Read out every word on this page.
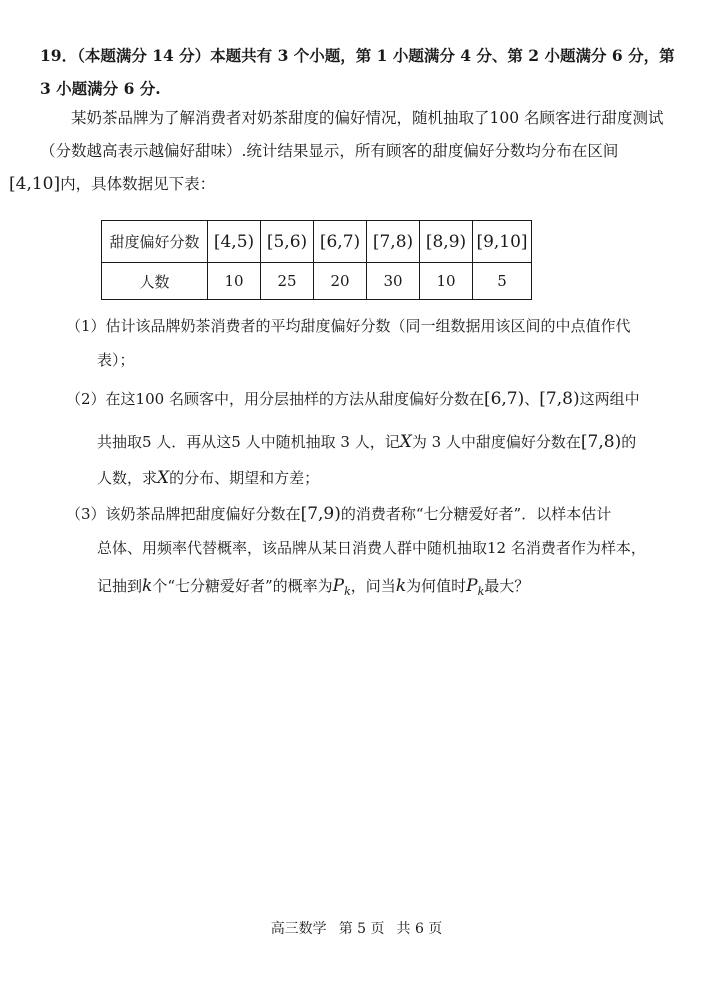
19．（本题满分 14 分）本题共有 3 个小题，第 1 小题满分 4 分、第 2 小题满分 6 分，第
3 小题满分 6 分.
某奶茶品牌为了解消费者对奶茶甜度的偏好情况，随机抽取了100 名顾客进行甜度测试（分数越高表示越偏好甜味）.统计结果显示，所有顾客的甜度偏好分数均分布在区间
[4,10]内，具体数据见下表：
甜度偏好分数	[4,5)	[5,6)	[6,7)	[7,8)	[8,9)	[9,10]
人数	10	25	20	30	10	5
（1）估计该品牌奶茶消费者的平均甜度偏好分数（同一组数据用该区间的中点值作代
表）；
（2）在这100 名顾客中，用分层抽样的方法从甜度偏好分数在[6,7)、[7,8)这两组中
共抽取5 人．再从这5 人中随机抽取 3 人，记X为 3 人中甜度偏好分数在[7,8)的
人数，求X的分布、期望和方差；
（3）该奶茶品牌把甜度偏好分数在[7,9)的消费者称“七分糖爱好者”．以样本估计
总体、用频率代替概率，该品牌从某日消费人群中随机抽取12 名消费者作为样本，
记抽到k个“七分糖爱好者”的概率为$P_k$，问当k为何值时$P_k$最大？
高三数学 第 5 页 共 6 页
